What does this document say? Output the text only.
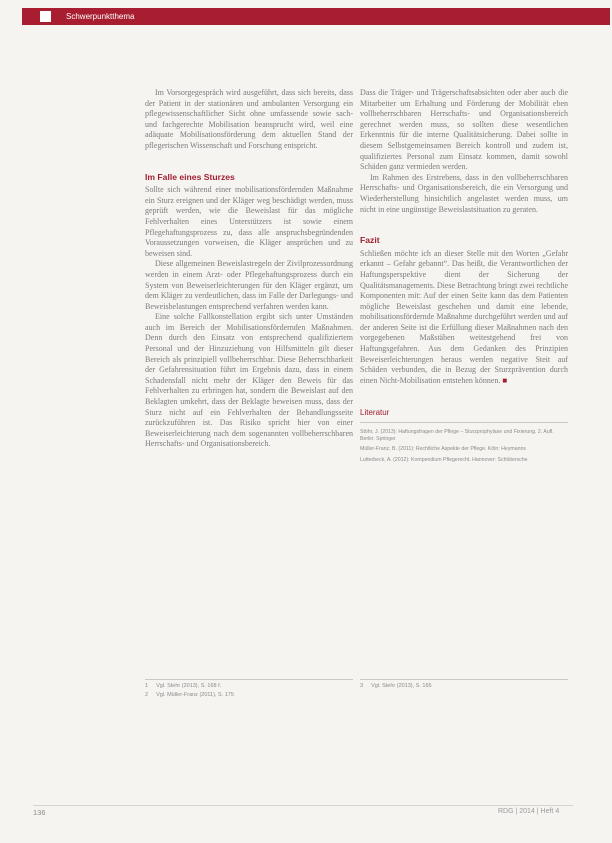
Schwerpunktthema

Im Vorsorgegespräch wird ausgeführt, dass sich bereits, dass der Patient in der stationären und ambulanten Versorgung ein pflegewissenschaftlicher Sicht ohne umfassende sowie sach- und fachgerechte Mobilisation beansprucht wird, weil eine adäquate Mobilisationsförderung dem aktuellen Stand der pflegerischen Wissenschaft und Forschung entspricht.

Im Falle eines Sturzes

Sollte sich während einer mobilisationsfördernden Maßnahme ein Sturz ereignen und der Kläger weg beschädigt werden, muss geprüft werden, wie die Beweislast für das mögliche Fehlverhalten eines Unterstützers ist sowie einem Pflegehaftungsprozess zu, dass alle anspruchsbegründenden Voraussetzungen vorweisen, die Kläger ansprüchen und zu beweisen sind.

Diese allgemeinen Beweislastregeln der Zivilprozessordnung werden in einem Arzt- oder Pflegehaftungsprozess durch ein System von Beweiserleichterungen für den Kläger ergänzt, um dem Kläger zu verdeutlichen, dass im Falle der Darlegungs- und Beweisbelastungen entsprechend verfahren werden kann.

Eine solche Fallkonstellation ergibt sich unter Umständen auch im Bereich der Mobilisationsfördernden Maßnahmen. Denn durch den Einsatz von entsprechend qualifiziertem Personal und der Hinzuziehung von Hilfsmitteln gilt dieser Bereich als prinzipiell vollbeherrschbar. Diese Beherrschbarkeit der Gefahrensituation führt im Ergebnis dazu, dass in einem Schadensfall nicht mehr der Kläger den Beweis für das Fehlverhalten zu erbringen hat, sondern die Beweislast auf den Beklagten umkehrt, dass der Beklagte beweisen muss, dass der Sturz nicht auf ein Fehlverhalten der Behandlungsseite zurückzuführen ist. Das Risiko spricht hier von einer Beweiserleichterung nach dem sogenannten vollbeherrschbaren Herrschafts- und Organisationsbereich.

1 Vgl. Stehr (2013), S. 168 f.
2 Vgl. Müller-Franz (2011), S. 175

Dass die Träger- und Trägerschaftsabsichten oder aber auch die Mitarbeiter um Erhaltung und Förderung der Mobilität eben vollbeherrschbaren Herrschafts- und Organisationsbereich gerechnet werden muss, so sollten diese wesentlichen Erkenntnis für die interne Qualitätsicherung. Dabei sollte in diesem Selbstgemeinsamen Bereich kontroll und zudem ist, qualifiziertes Personal zum Einsatz kommen, damit sowohl Schäden ganz vermieden werden.

Im Rahmen des Erstrebens, dass in den vollbeherrschbaren Herrschafts- und Organisationsbereich, die ein Versorgung und Wiederherstellung hinsichtlich angelastet werden muss, um nicht in eine ungünstige Beweislastsituation zu geraten.

Fazit

Schließen möchte ich an dieser Stelle mit den Worten „Gefahr erkannt – Gefahr gebannt“. Das heißt, die Verantwortlichen der Haftungsperspektive dient der Sicherung der Qualitätsmanagements. Diese Betrachtung bringt zwei rechtliche Komponenten mit: Auf der einen Seite kann das dem Patienten mögliche Beweislast geschehen und damit eine lebende, mobilisationsfördernde Maßnahme durchgeführt werden und auf der anderen Seite ist die Erfüllung dieser Maßnahmen nach den vorgegebenen Maßstäben weitestgehend frei von Haftungsgefahren. Aus dem Gedanken des Prinzipien Beweiserleichterungen heraus werden negative Steit auf Schäden verbunden, die in Bezug der Sturzprävention durch einen Nicht-Mobilisation entstehen können. ■

Literatur
Stöhr, J. (2013): Haftungsfragen der Pflege – Sturzprophylaxe und Fixierung. 2. Aufl. Berlin: Springer
Müller-Franz, B. (2011): Rechtliche Aspekte der Pflege. Köln: Heymanns
Lutterbeck, A. (2012): Kompendium Pflegerecht. Hannover: Schlütersche
3 Vgl. Stehr (2013), S. 165
136	RDG | 2014 | Heft 4
